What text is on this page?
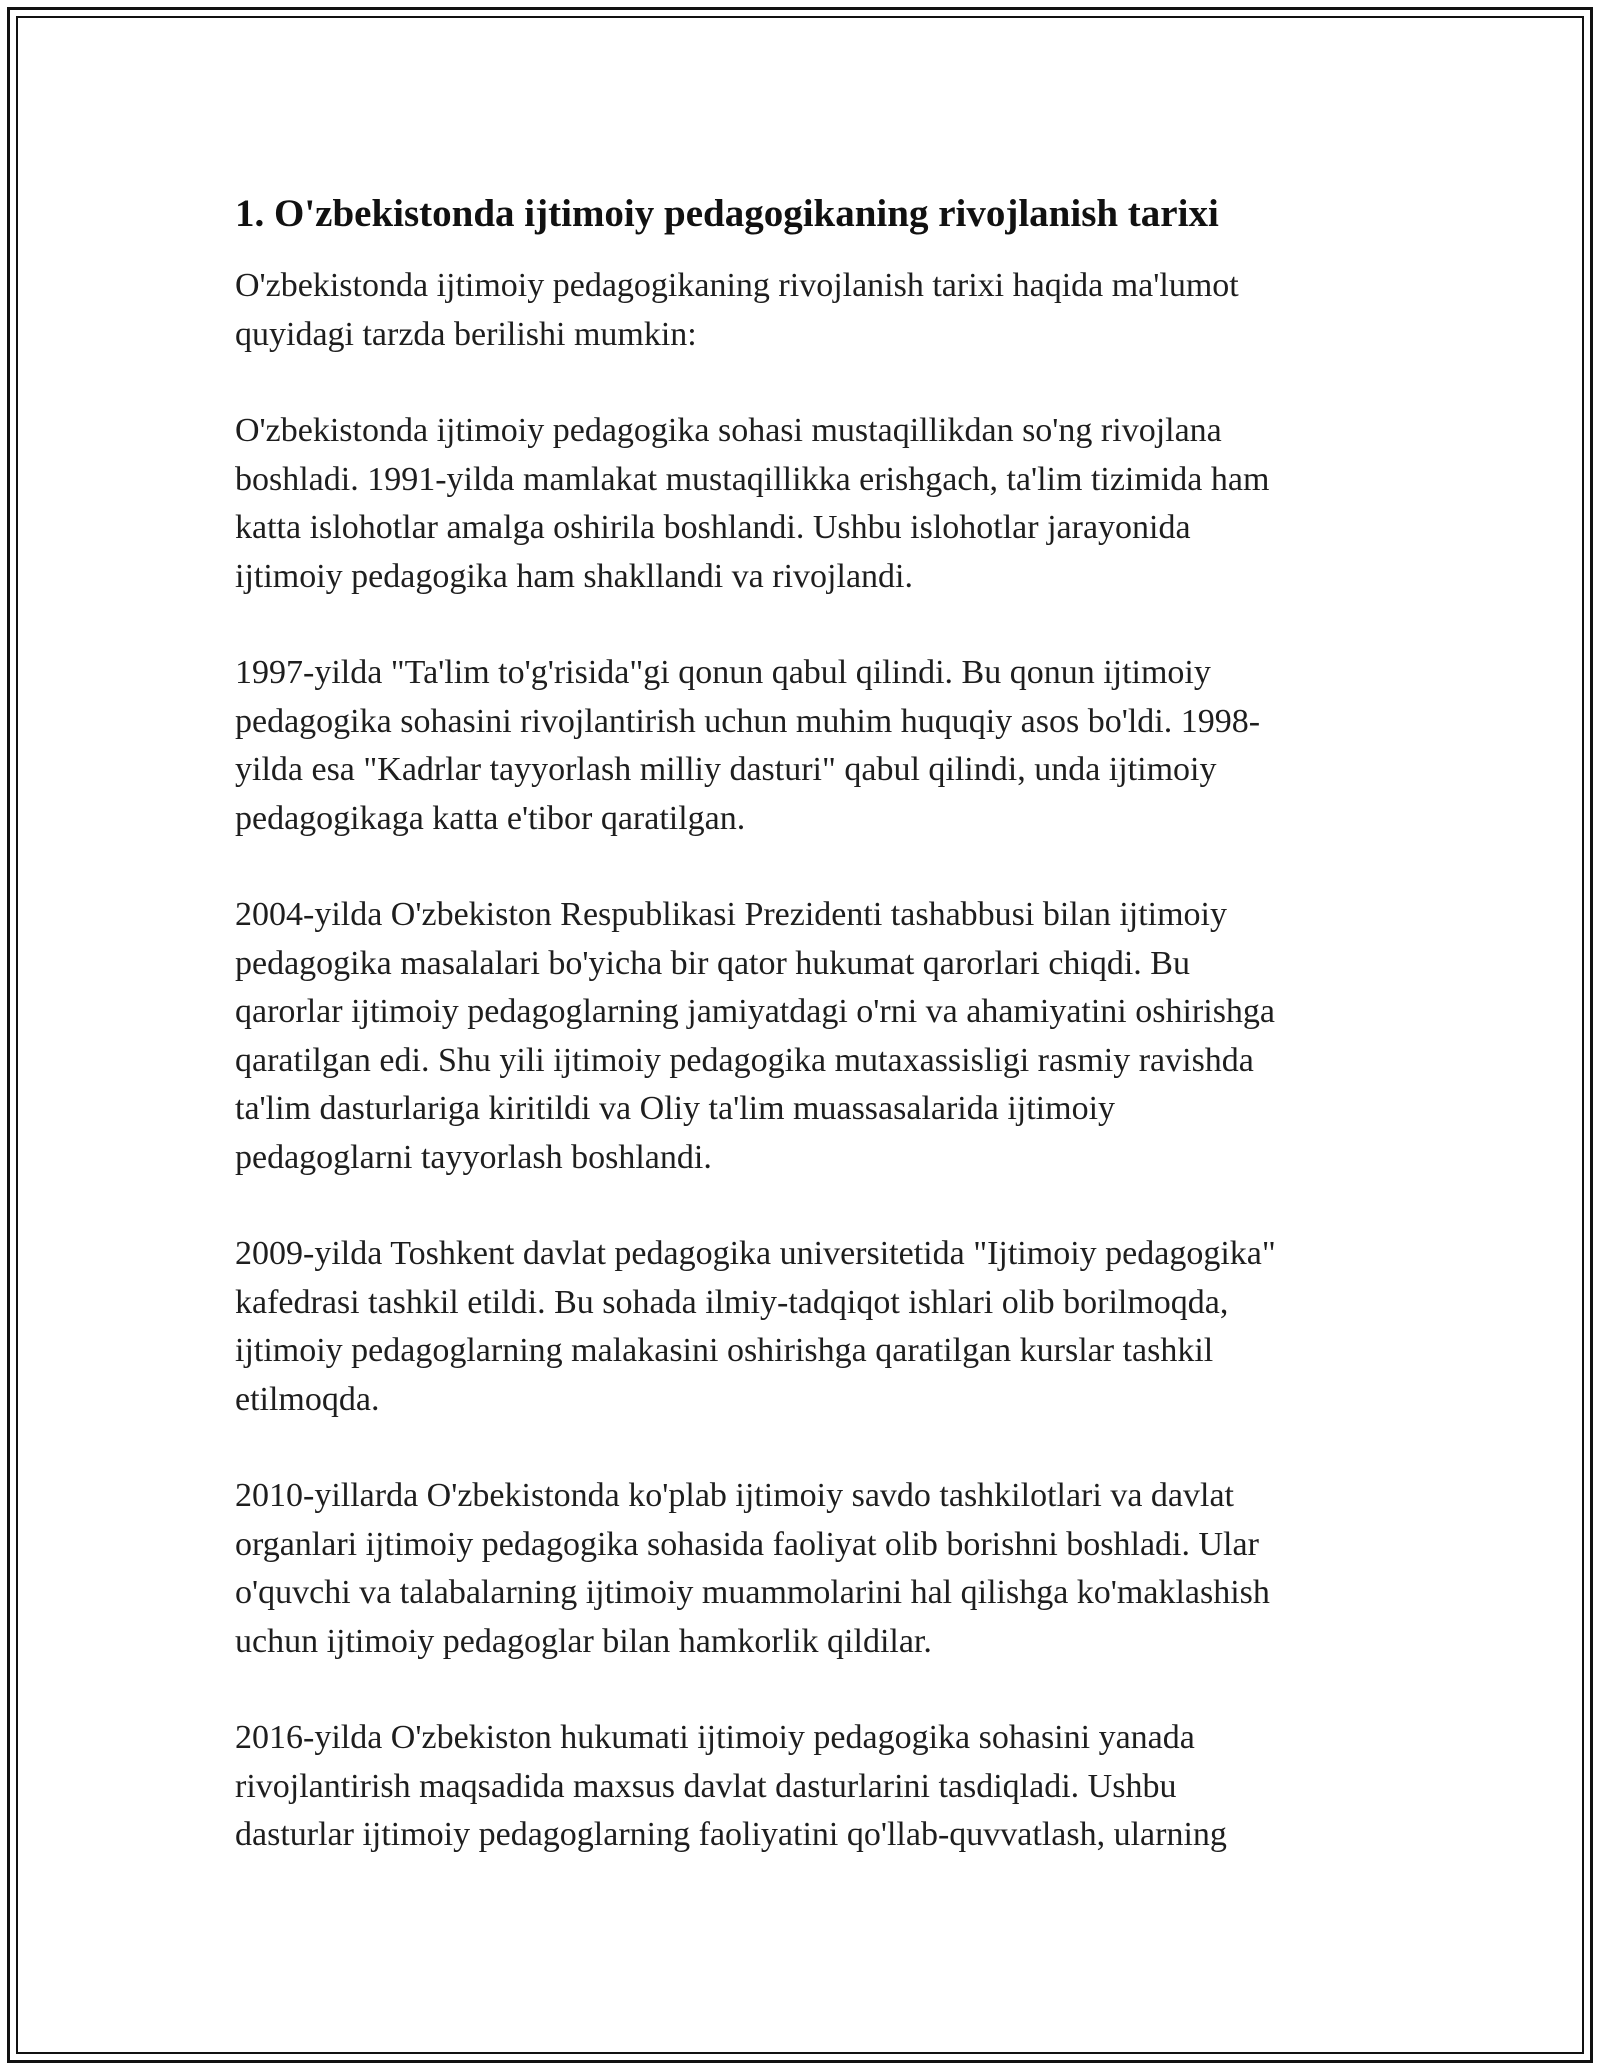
1. O'zbekistonda ijtimoiy pedagogikaning rivojlanish tarixi

O'zbekistonda ijtimoiy pedagogikaning rivojlanish tarixi haqida ma'lumot
quyidagi tarzda berilishi mumkin:

O'zbekistonda ijtimoiy pedagogika sohasi mustaqillikdan so'ng rivojlana
boshladi. 1991-yilda mamlakat mustaqillikka erishgach, ta'lim tizimida ham
katta islohotlar amalga oshirila boshlandi. Ushbu islohotlar jarayonida
ijtimoiy pedagogika ham shakllandi va rivojlandi.

1997-yilda "Ta'lim to'g'risida"gi qonun qabul qilindi. Bu qonun ijtimoiy
pedagogika sohasini rivojlantirish uchun muhim huquqiy asos bo'ldi. 1998-
yilda esa "Kadrlar tayyorlash milliy dasturi" qabul qilindi, unda ijtimoiy
pedagogikaga katta e'tibor qaratilgan.

2004-yilda O'zbekiston Respublikasi Prezidenti tashabbusi bilan ijtimoiy
pedagogika masalalari bo'yicha bir qator hukumat qarorlari chiqdi. Bu
qarorlar ijtimoiy pedagoglarning jamiyatdagi o'rni va ahamiyatini oshirishga
qaratilgan edi. Shu yili ijtimoiy pedagogika mutaxassisligi rasmiy ravishda
ta'lim dasturlariga kiritildi va Oliy ta'lim muassasalarida ijtimoiy
pedagoglarni tayyorlash boshlandi.

2009-yilda Toshkent davlat pedagogika universitetida "Ijtimoiy pedagogika"
kafedrasi tashkil etildi. Bu sohada ilmiy-tadqiqot ishlari olib borilmoqda,
ijtimoiy pedagoglarning malakasini oshirishga qaratilgan kurslar tashkil
etilmoqda.

2010-yillarda O'zbekistonda ko'plab ijtimoiy savdo tashkilotlari va davlat
organlari ijtimoiy pedagogika sohasida faoliyat olib borishni boshladi. Ular
o'quvchi va talabalarning ijtimoiy muammolarini hal qilishga ko'maklashish
uchun ijtimoiy pedagoglar bilan hamkorlik qildilar.

2016-yilda O'zbekiston hukumati ijtimoiy pedagogika sohasini yanada
rivojlantirish maqsadida maxsus davlat dasturlarini tasdiqladi. Ushbu
dasturlar ijtimoiy pedagoglarning faoliyatini qo'llab-quvvatlash, ularning
